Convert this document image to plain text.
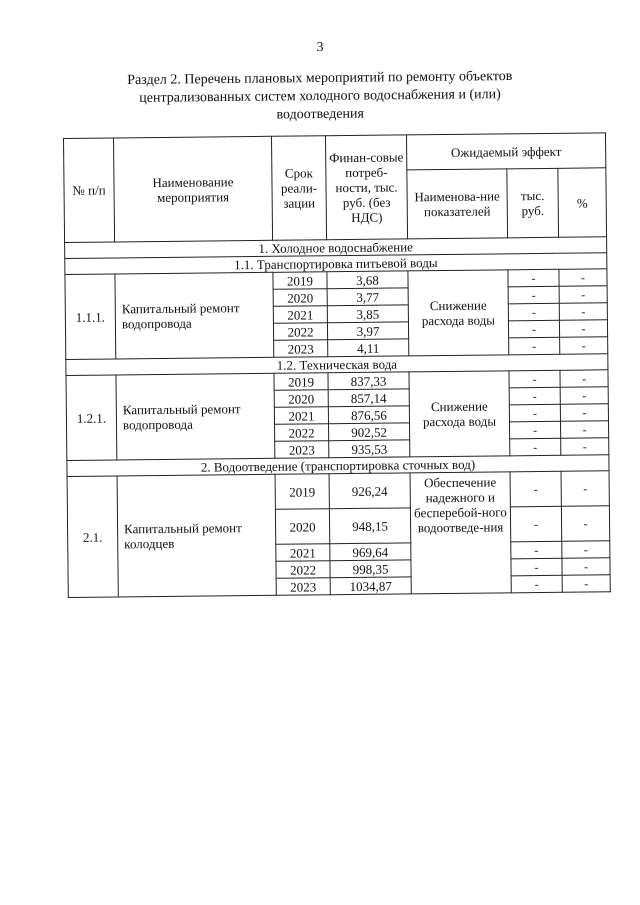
3
Раздел 2. Перечень плановых мероприятий по ремонту объектов
централизованных систем холодного водоснабжения и (или)
водоотведения
№ п/п	Наименование мероприятия	Срок реали-зации	Финан-совые потреб-ности, тыс. руб. (без НДС)	Ожидаемый эффект		
				Наименова-ние показателей	тыс. руб.	%
1. Холодное водоснабжение						
1.1. Транспортировка питьевой воды						
1.1.1.	Капитальный ремонт водопровода	2019	3,68	Снижение расхода воды	-	-
		2020	3,77		-	-
		2021	3,85		-	-
		2022	3,97		-	-
		2023	4,11		-	-
1.2. Техническая вода						
1.2.1.	Капитальный ремонт водопровода	2019	837,33	Снижение расхода воды	-	-
		2020	857,14		-	-
		2021	876,56		-	-
		2022	902,52		-	-
		2023	935,53		-	-
2. Водоотведение (транспортировка сточных вод)						
2.1.	Капитальный ремонт колодцев	2019	926,24	Обеспечение надежного и бесперебой-ного водоотведе-ния	-	-
		2020	948,15		-	-
		2021	969,64		-	-
		2022	998,35		-	-
		2023	1034,87		-	-
